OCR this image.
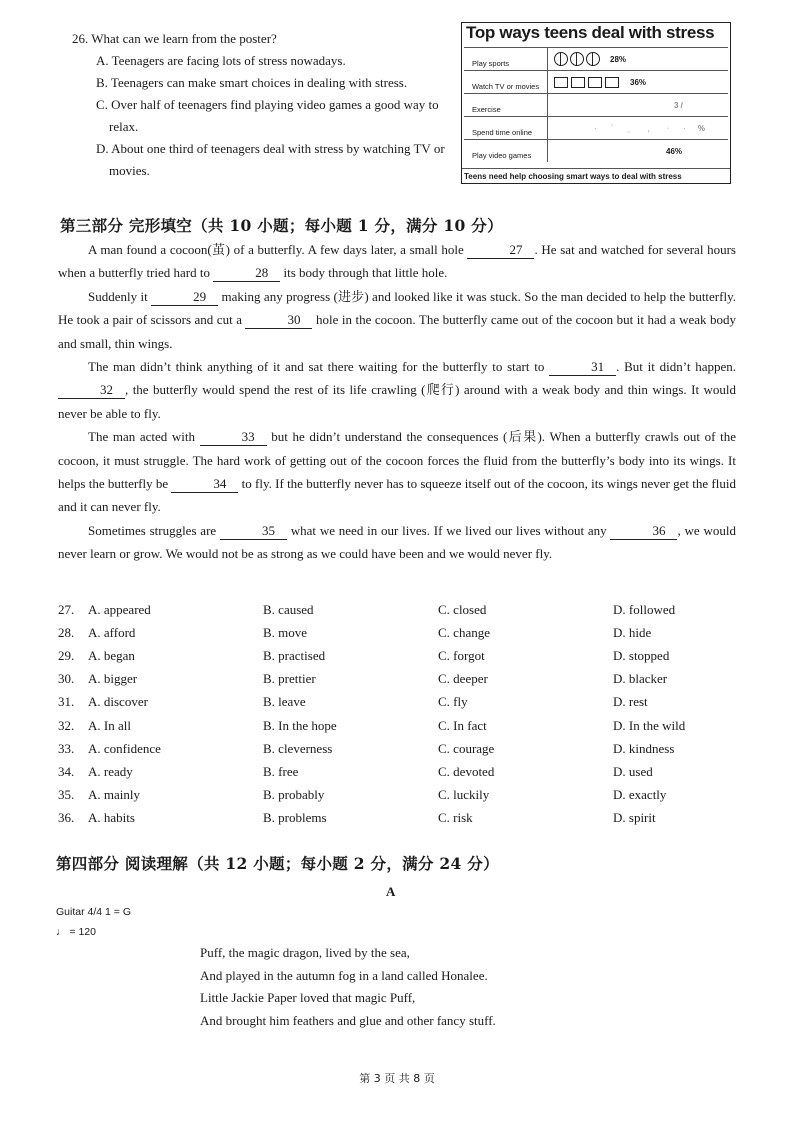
26. What can we learn from the poster?

A. Teenagers are facing lots of stress nowadays.

B. Teenagers can make smart choices in dealing with stress.

C. Over half of teenagers find playing video games a good way to relax.

D. About one third of teenagers deal with stress by watching TV or movies.

Top ways teens deal with stress
Play sports	28%
Watch TV or movies	36%
Exercise	3 /
Spend time online	· ˋ ˎ ﹐ ᐧ · %
Play video games	46%
Teens need help choosing smart ways to deal with stress
第三部分 完形填空（共 10 小题；每小题 1 分，满分 10 分）

A man found a cocoon(茧) of a butterfly. A few days later, a small hole	27 . He sat and watched for several hours when a butterfly tried hard to	28 its body through that little hole.

Suddenly it	29 making any progress (进步) and looked like it was stuck. So the man decided to help the butterfly. He took a pair of scissors and cut a	30 hole in the cocoon. The butterfly came out of the cocoon but it had a weak body and small, thin wings.

The man didn’t think anything of it and sat there waiting for the butterfly to start to	31 . But it didn’t happen. 32 , the butterfly would spend the rest of its life crawling (爬行) around with a weak body and thin wings. It would never be able to fly.

The man acted with	33 but he didn’t understand the consequences (后果). When a butterfly crawls out of the cocoon, it must struggle. The hard work of getting out of the cocoon forces the fluid from the butterfly’s body into its wings. It helps the butterfly be	34 to fly. If the butterfly never has to squeeze itself out of the cocoon, its wings never get the fluid and it can never fly.

Sometimes struggles are	35 what we need in our lives. If we lived our lives without any	36 , we would never learn or grow. We would not be as strong as we could have been and we would never fly.

27.	A. appeared	B. caused	C. closed	D. followed
28.	A. afford	B. move	C. change	D. hide
29.	A. began	B. practised	C. forgot	D. stopped
30.	A. bigger	B. prettier	C. deeper	D. blacker
31.	A. discover	B. leave	C. fly	D. rest
32.	A. In all	B. In the hope	C. In fact	D. In the wild
33.	A. confidence	B. cleverness	C. courage	D. kindness
34.	A. ready	B. free	C. devoted	D. used
35.	A. mainly	B. probably	C. luckily	D. exactly
36.	A. habits	B. problems	C. risk	D. spirit
第四部分 阅读理解（共 12 小题；每小题 2 分，满分 24 分）
A
Guitar 4/4 1 = G
♩ = 120
Puff, the magic dragon, lived by the sea,
And played in the autumn fog in a land called Honalee.
Little Jackie Paper loved that magic Puff,
And brought him feathers and glue and other fancy stuff.
第 3 页 共 8 页
